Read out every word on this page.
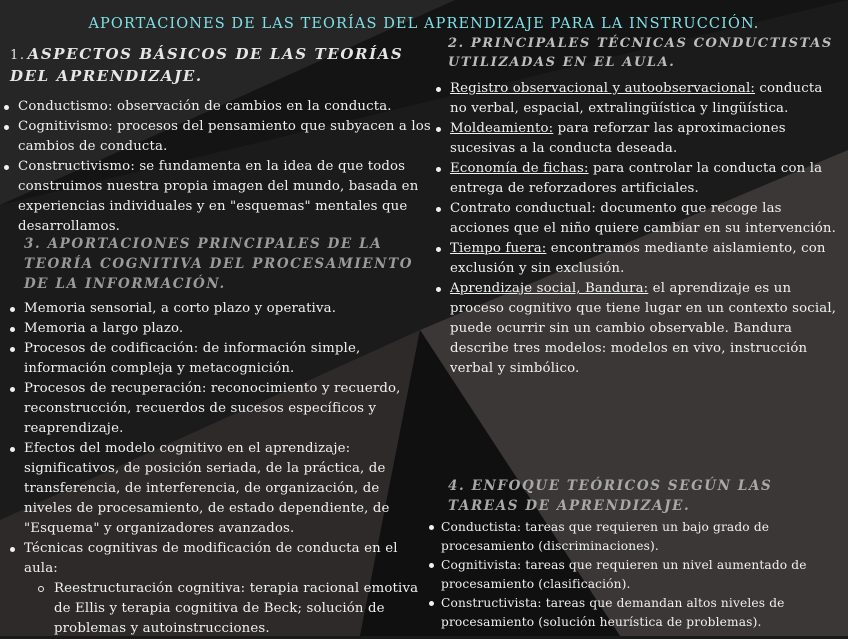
APORTACIONES DE LAS TEORÍAS DEL APRENDIZAJE PARA LA INSTRUCCIÓN.
1. ASPECTOS BÁSICOS DE LAS TEORÍAS DEL APRENDIZAJE.
Conductismo: observación de cambios en la conducta.
Cognitivismo: procesos del pensamiento que subyacen a los cambios de conducta.
Constructivismo: se fundamenta en la idea de que todos construimos nuestra propia imagen del mundo, basada en experiencias individuales y en "esquemas" mentales que desarrollamos.
2. PRINCIPALES TÉCNICAS CONDUCTISTAS UTILIZADAS EN EL AULA.
Registro observacional y autoobservacional: conducta no verbal, espacial, extralingüística y lingüística.
Moldeamiento: para reforzar las aproximaciones sucesivas a la conducta deseada.
Economía de fichas: para controlar la conducta con la entrega de reforzadores artificiales.
Contrato conductual: documento que recoge las acciones que el niño quiere cambiar en su intervención.
Tiempo fuera: encontramos mediante aislamiento, con exclusión y sin exclusión.
Aprendizaje social, Bandura: el aprendizaje es un proceso cognitivo que tiene lugar en un contexto social, puede ocurrir sin un cambio observable. Bandura describe tres modelos: modelos en vivo, instrucción verbal y simbólico.
3. APORTACIONES PRINCIPALES DE LA TEORÍA COGNITIVA DEL PROCESAMIENTO DE LA INFORMACIÓN.
Memoria sensorial, a corto plazo y operativa.
Memoria a largo plazo.
Procesos de codificación: de información simple, información compleja y metacognición.
Procesos de recuperación: reconocimiento y recuerdo, reconstrucción, recuerdos de sucesos específicos y reaprendizaje.
Efectos del modelo cognitivo en el aprendizaje: significativos, de posición seriada, de la práctica, de transferencia, de interferencia, de organización, de niveles de procesamiento, de estado dependiente, de "Esquema" y organizadores avanzados.
Técnicas cognitivas de modificación de conducta en el aula:
Reestructuración cognitiva: terapia racional emotiva de Ellis y terapia cognitiva de Beck; solución de problemas y autoinstrucciones.
4. ENFOQUE TEÓRICOS SEGÚN LAS TAREAS DE APRENDIZAJE.
Conductista: tareas que requieren un bajo grado de procesamiento (discriminaciones).
Cognitivista: tareas que requieren un nivel aumentado de procesamiento (clasificación).
Constructivista: tareas que demandan altos niveles de procesamiento (solución heurística de problemas).
